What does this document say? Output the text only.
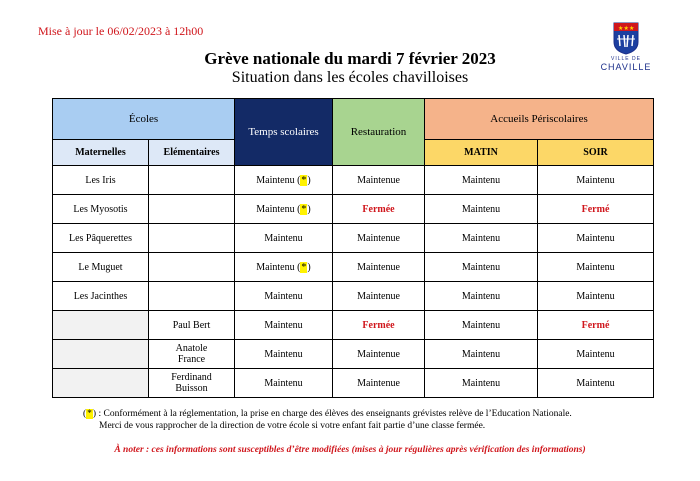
Mise à jour le 06/02/2023 à 12h00	★ ★ ★
VILLE DE
CHAVILLE
Grève nationale du mardi 7 février 2023
Situation dans les écoles chavilloises
Écoles		Temps scolaires	Restauration	Accueils Périscolaires	
Maternelles	Elémentaires			MATIN	SOIR
Les Iris		Maintenu (*)	Maintenue	Maintenu	Maintenu
Les Myosotis		Maintenu (*)	Fermée	Maintenu	Fermé
Les Pâquerettes		Maintenu	Maintenue	Maintenu	Maintenu
Le Muguet		Maintenu (*)	Maintenue	Maintenu	Maintenu
Les Jacinthes		Maintenu	Maintenue	Maintenu	Maintenu
	Paul Bert	Maintenu	Fermée	Maintenu	Fermé
	Anatole
France	Maintenu	Maintenue	Maintenu	Maintenu
	Ferdinand
Buisson	Maintenu	Maintenue	Maintenu	Maintenu
(*) : Conformément à la réglementation, la prise en charge des élèves des enseignants grévistes relève de l’Education Nationale.
Merci de vous rapprocher de la direction de votre école si votre enfant fait partie d’une classe fermée.
À noter : ces informations sont susceptibles d’être modifiées (mises à jour régulières après vérification des informations)
